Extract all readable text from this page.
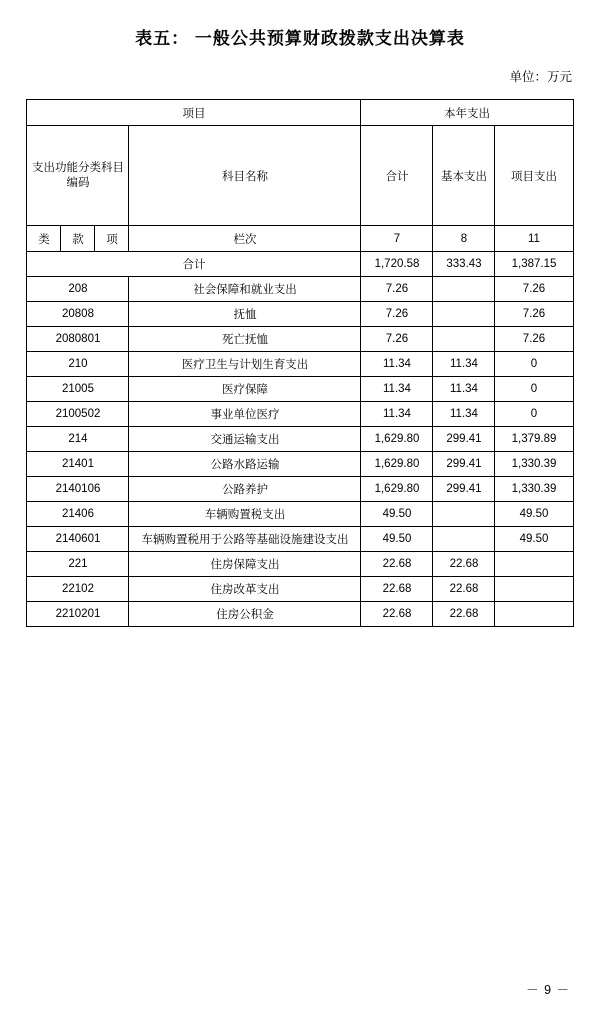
表五： 一般公共预算财政拨款支出决算表
单位：万元
项目				本年支出		
支出功能分类科目编码			科目名称	合计	基本支出	项目支出
类	款	项	栏次	7	8	11
合计				1,720.58	333.43	1,387.15
208			社会保障和就业支出	7.26		7.26
20808			抚恤	7.26		7.26
2080801			死亡抚恤	7.26		7.26
210			医疗卫生与计划生育支出	11.34	11.34	0
21005			医疗保障	11.34	11.34	0
2100502			事业单位医疗	11.34	11.34	0
214			交通运输支出	1,629.80	299.41	1,379.89
21401			公路水路运输	1,629.80	299.41	1,330.39
2140106			公路养护	1,629.80	299.41	1,330.39
21406			车辆购置税支出	49.50		49.50
2140601			车辆购置税用于公路等基础设施建设支出	49.50		49.50
221			住房保障支出	22.68	22.68	
22102			住房改革支出	22.68	22.68	
2210201			住房公积金	22.68	22.68	
－ 9 －
